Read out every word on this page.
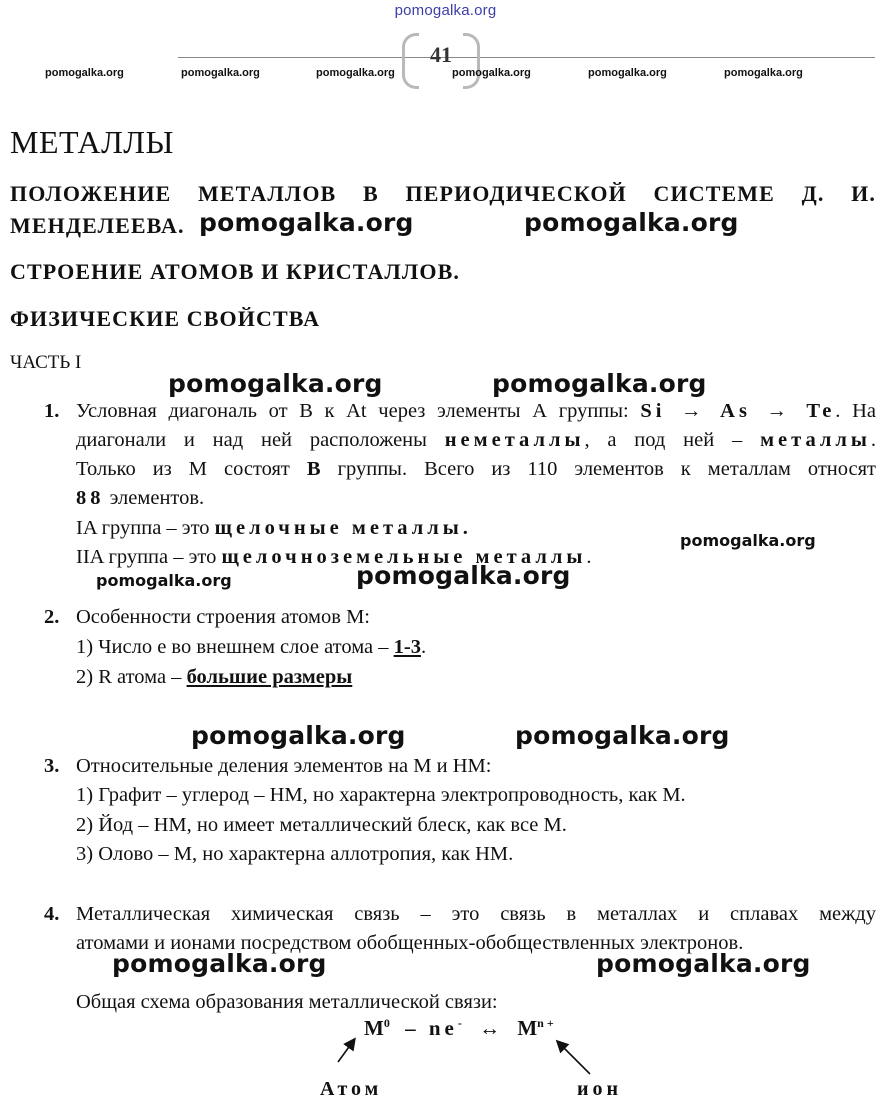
pomogalka.org
41
pomogalka.org	pomogalka.org	pomogalka.org	pomogalka.org	pomogalka.org	pomogalka.org
МЕТАЛЛЫ
ПОЛОЖЕНИЕ МЕТАЛЛОВ В ПЕРИОДИЧЕСКОЙ СИСТЕМЕ Д. И.
МЕНДЕЛЕЕВА.
СТРОЕНИЕ АТОМОВ И КРИСТАЛЛОВ.
ФИЗИЧЕСКИЕ СВОЙСТВА
ЧАСТЬ I
pomogalka.org	pomogalka.org
pomogalka.org	pomogalka.org
pomogalka.org
pomogalka.org	pomogalka.org
pomogalka.org	pomogalka.org
pomogalka.org	pomogalka.org
1. Условная диагональ от B к At через элементы А группы: Si → As → Te. На
диагонали и над ней расположены неметаллы, а под ней – металлы.
Только из М состоят B группы. Всего из 110 элементов к металлам относят
88 элементов.
IA группа – это щелочные металлы.
IIA группа – это щелочноземельные металлы.
2. Особенности строения атомов М:
1) Число е во внешнем слое атома – 1-3.
2) R атома – большие размеры
3. Относительные деления элементов на М и НМ:
1) Графит – углерод – НМ, но характерна электропроводность, как М.
2) Йод – НМ, но имеет металлический блеск, как все М.
3) Олово – М, но характерна аллотропия, как НМ.
4. Металлическая химическая связь – это связь в металлах и сплавах между
атомами и ионами посредством обобщенных-обобществленных электронов.
Общая схема образования металлической связи:
$M^0 - ne^-$ ↔ $M^{n +}$
Атом	ион
